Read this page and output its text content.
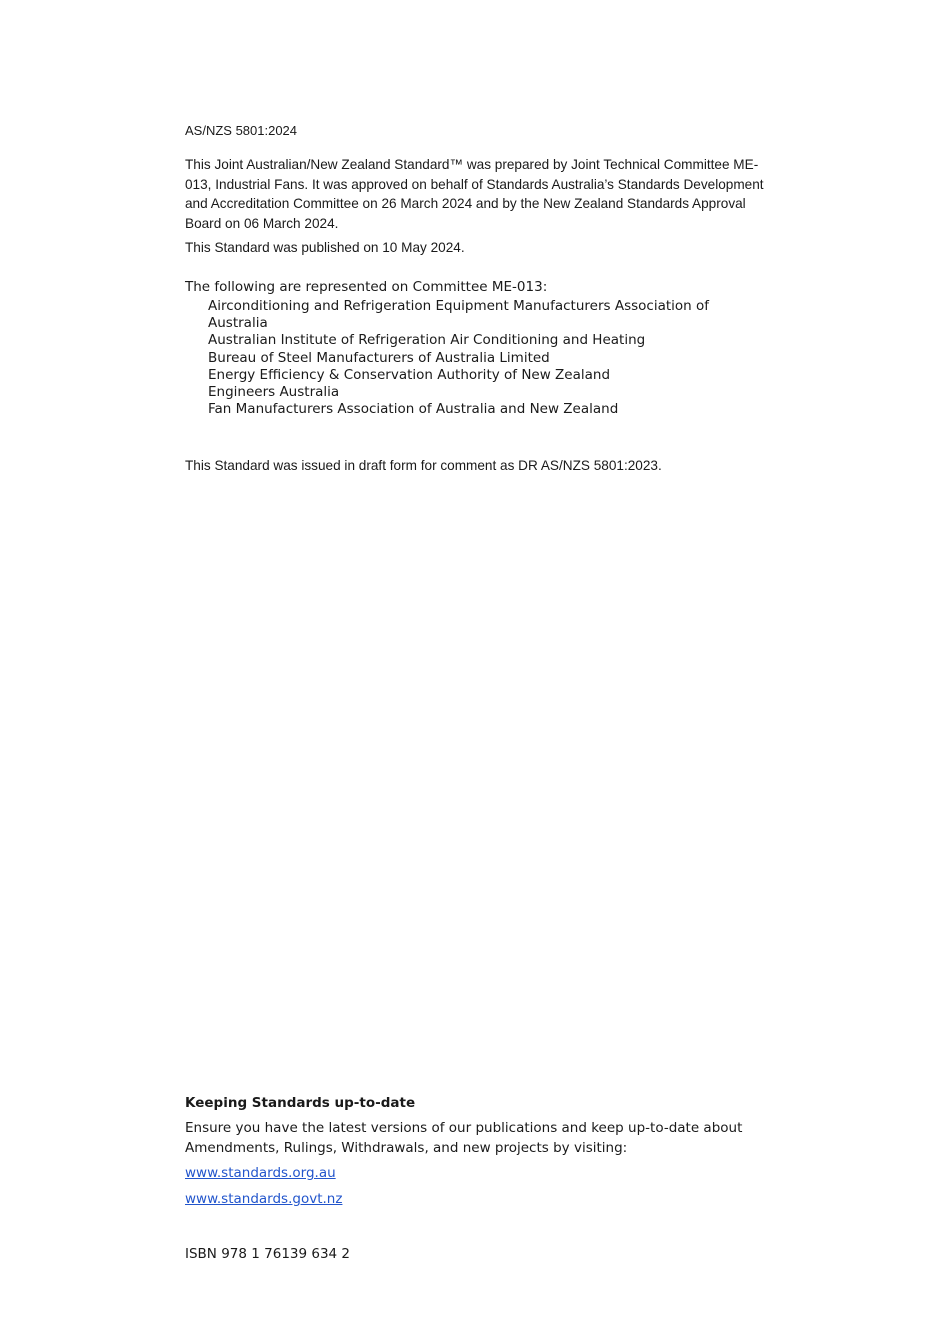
AS/NZS 5801:2024

This Joint Australian/New Zealand Standard™ was prepared by Joint Technical Committee ME-013, Industrial Fans. It was approved on behalf of Standards Australia’s Standards Development and Accreditation Committee on 26 March 2024 and by the New Zealand Standards Approval Board on 06 March 2024.

This Standard was published on 10 May 2024.
The following are represented on Committee ME-013:
Airconditioning and Refrigeration Equipment Manufacturers Association of Australia
Australian Institute of Refrigeration Air Conditioning and Heating
Bureau of Steel Manufacturers of Australia Limited
Energy Efficiency & Conservation Authority of New Zealand
Engineers Australia
Fan Manufacturers Association of Australia and New Zealand
This Standard was issued in draft form for comment as DR AS/NZS 5801:2023.
Keeping Standards up-to-date

Ensure you have the latest versions of our publications and keep up-to-date about Amendments, Rulings, Withdrawals, and new projects by visiting:

www.standards.org.au
www.standards.govt.nz
ISBN 978 1 76139 634 2
